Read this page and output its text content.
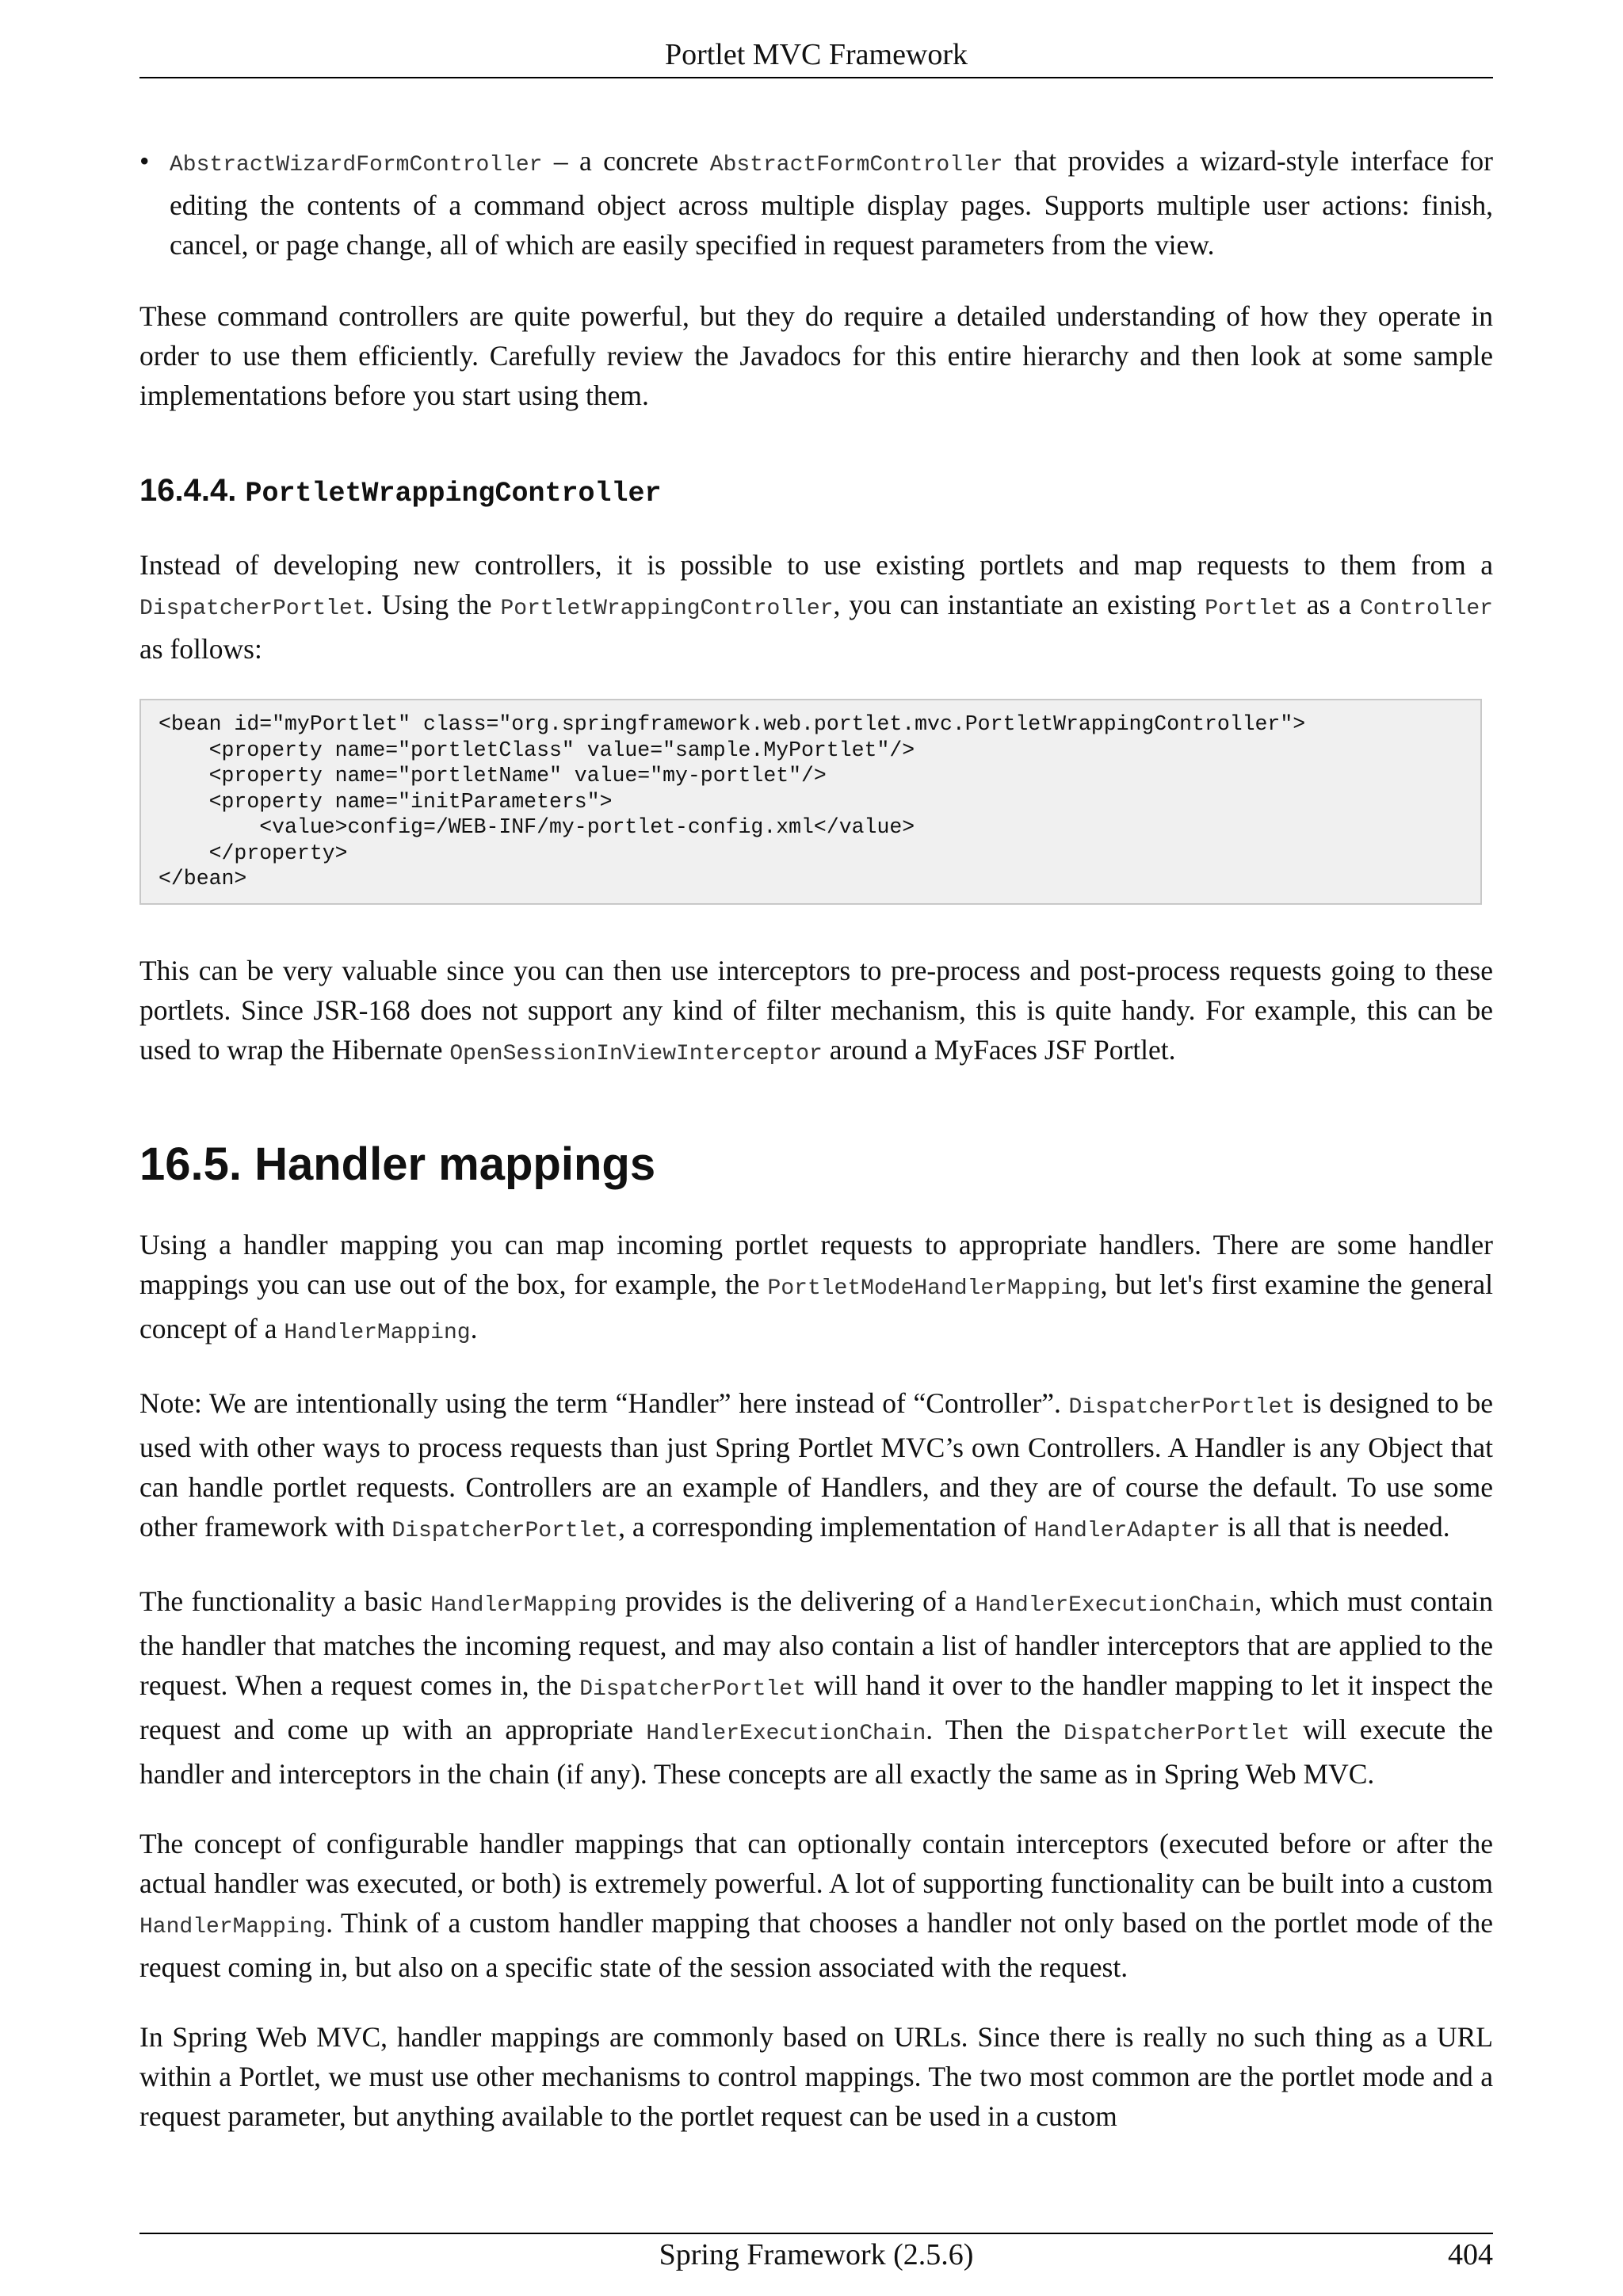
Portlet MVC Framework
• AbstractWizardFormController – a concrete AbstractFormController that provides a wizard-style interface for editing the contents of a command object across multiple display pages. Supports multiple user actions: finish, cancel, or page change, all of which are easily specified in request parameters from the view.

These command controllers are quite powerful, but they do require a detailed understanding of how they operate in order to use them efficiently. Carefully review the Javadocs for this entire hierarchy and then look at some sample implementations before you start using them.

16.4.4. PortletWrappingController

Instead of developing new controllers, it is possible to use existing portlets and map requests to them from a DispatcherPortlet. Using the PortletWrappingController, you can instantiate an existing Portlet as a Controller as follows:

<bean id="myPortlet" class="org.springframework.web.portlet.mvc.PortletWrappingController">
<property name="portletClass" value="sample.MyPortlet"/>
<property name="portletName" value="my-portlet"/>
<property name="initParameters">
<value>config=/WEB-INF/my-portlet-config.xml</value>
</property>
</bean>

This can be very valuable since you can then use interceptors to pre-process and post-process requests going to these portlets. Since JSR-168 does not support any kind of filter mechanism, this is quite handy. For example, this can be used to wrap the Hibernate OpenSessionInViewInterceptor around a MyFaces JSF Portlet.

16.5. Handler mappings

Using a handler mapping you can map incoming portlet requests to appropriate handlers. There are some handler mappings you can use out of the box, for example, the PortletModeHandlerMapping, but let's first examine the general concept of a HandlerMapping.

Note: We are intentionally using the term “Handler” here instead of “Controller”. DispatcherPortlet is designed to be used with other ways to process requests than just Spring Portlet MVC’s own Controllers. A Handler is any Object that can handle portlet requests. Controllers are an example of Handlers, and they are of course the default. To use some other framework with DispatcherPortlet, a corresponding implementation of HandlerAdapter is all that is needed.

The functionality a basic HandlerMapping provides is the delivering of a HandlerExecutionChain, which must contain the handler that matches the incoming request, and may also contain a list of handler interceptors that are applied to the request. When a request comes in, the DispatcherPortlet will hand it over to the handler mapping to let it inspect the request and come up with an appropriate HandlerExecutionChain. Then the DispatcherPortlet will execute the handler and interceptors in the chain (if any). These concepts are all exactly the same as in Spring Web MVC.

The concept of configurable handler mappings that can optionally contain interceptors (executed before or after the actual handler was executed, or both) is extremely powerful. A lot of supporting functionality can be built into a custom HandlerMapping. Think of a custom handler mapping that chooses a handler not only based on the portlet mode of the request coming in, but also on a specific state of the session associated with the request.

In Spring Web MVC, handler mappings are commonly based on URLs. Since there is really no such thing as a URL within a Portlet, we must use other mechanisms to control mappings. The two most common are the portlet mode and a request parameter, but anything available to the portlet request can be used in a custom

Spring Framework (2.5.6)	404
